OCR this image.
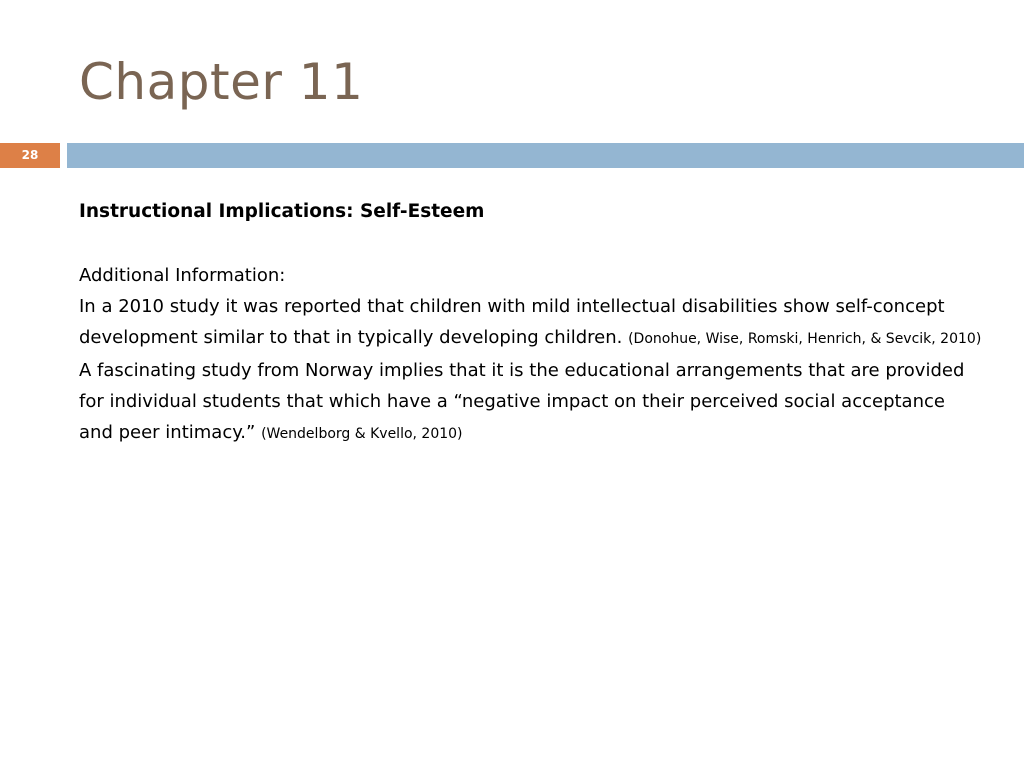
Chapter 11
28

Instructional Implications: Self-Esteem

Additional Information:

In a 2010 study it was reported that children with mild intellectual disabilities show self-concept development similar to that in typically developing children. (Donohue, Wise, Romski, Henrich, & Sevcik, 2010)

A fascinating study from Norway implies that it is the educational arrangements that are provided for individual students that which have a “negative impact on their perceived social acceptance and peer intimacy.” (Wendelborg & Kvello, 2010)
